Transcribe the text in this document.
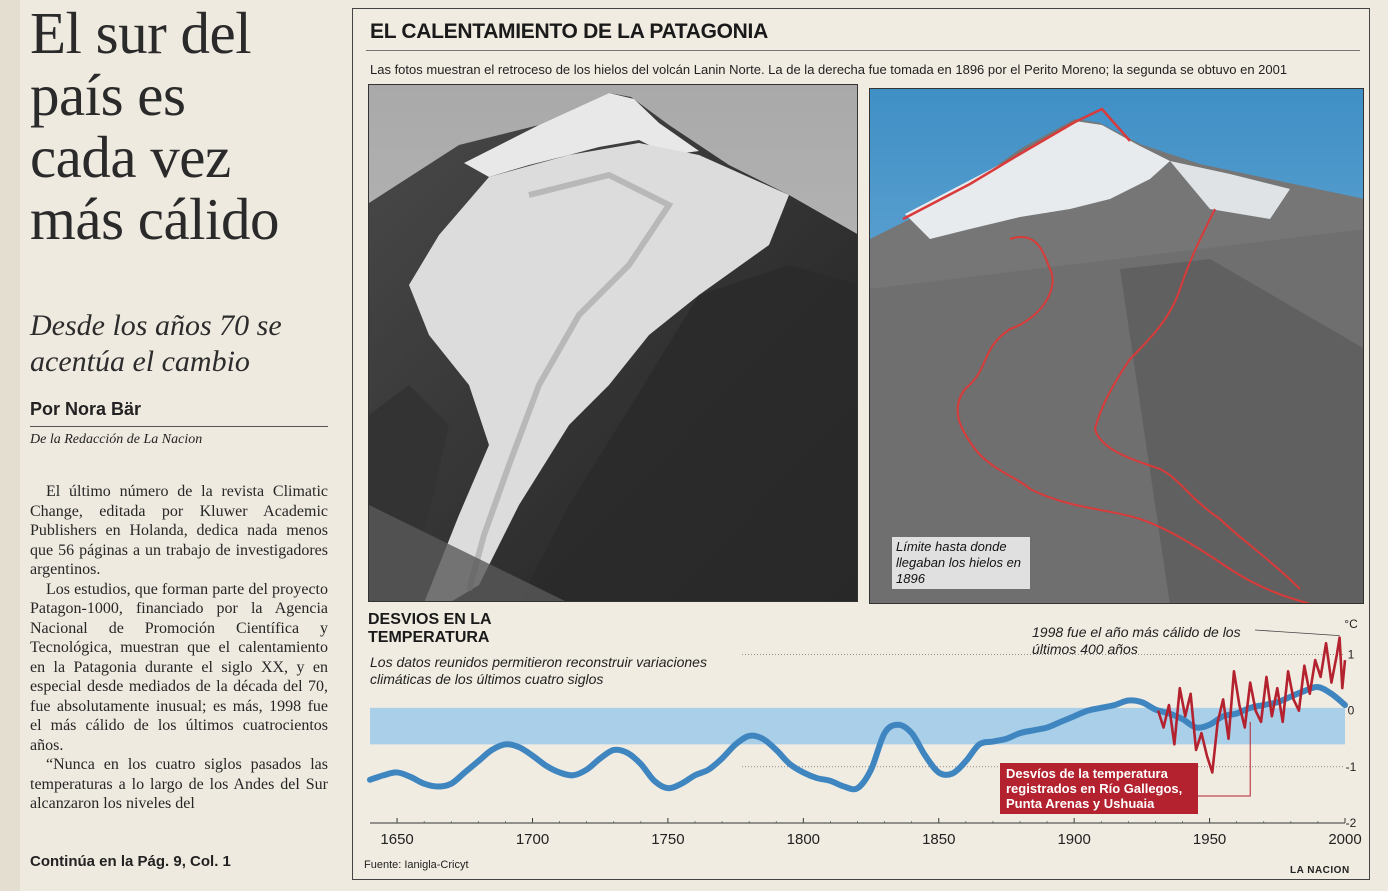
El sur del
país es
cada vez
más cálido
Desde los años 70 se
acentúa el cambio
Por Nora Bär
De la Redacción de La Nacion

El último número de la revista Climatic Change, editada por Kluwer Academic Publishers en Holanda, dedica nada menos que 56 páginas a un trabajo de investigadores argentinos.

Los estudios, que forman parte del proyecto Patagon-1000, financiado por la Agencia Nacional de Promoción Científica y Tecnológica, muestran que el calentamiento en la Patagonia durante el siglo XX, y en especial desde mediados de la década del 70, fue absolutamente inusual; es más, 1998 fue el más cálido de los últimos cuatrocientos años.

“Nunca en los cuatro siglos pasados las temperaturas a lo largo de los Andes del Sur alcanzaron los niveles del

Continúa en la Pág. 9, Col. 1
EL CALENTAMIENTO DE LA PATAGONIA
Las fotos muestran el retroceso de los hielos del volcán Lanin Norte. La de la derecha fue tomada en 1896 por el Perito Moreno; la segunda se obtuvo en 2001
Límite hasta donde llegaban los hielos en 1896
1650	1700	1750	1800	1850	1900	1950	2000
1
0
-1
-2
°C
DESVIOS EN LA TEMPERATURA
Los datos reunidos permitieron reconstruir variaciones climáticas de los últimos cuatro siglos
1998 fue el año más cálido de los últimos 400 años
Desvíos de la temperatura registrados en Río Gallegos, Punta Arenas y Ushuaia
Fuente: Ianigla-Cricyt	LA NACION
